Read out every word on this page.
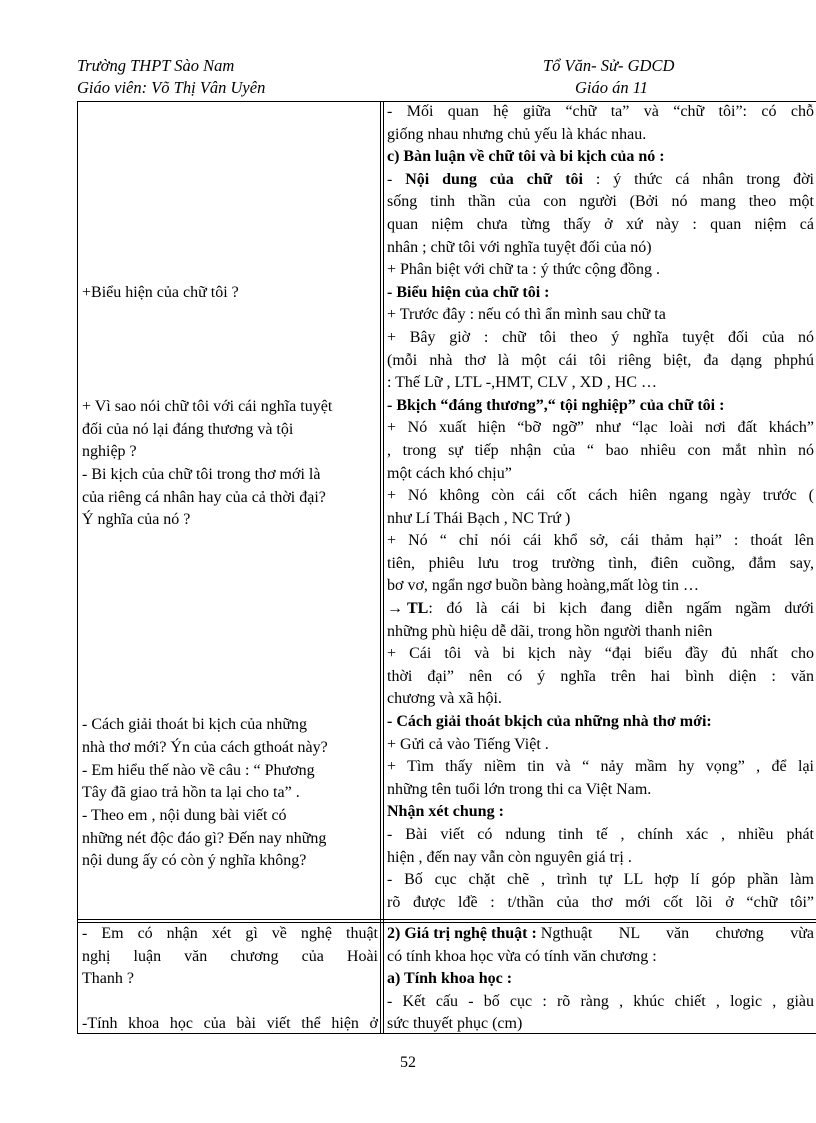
Trường THPT Sào Nam
Giáo viên: Võ Thị Vân Uyên
Tổ Văn- Sử- GDCD
Giáo án 11
+Biểu hiện của chữ tôi ?
+ Vì sao nói chữ tôi với cái nghĩa tuyệt
đối của nó lại đáng thương và tội
nghiệp ?
- Bi kịch của chữ tôi trong thơ mới là
của riêng cá nhân hay của cả thời đại?
Ý nghĩa của nó ?
- Cách giải thoát bi kịch của những
nhà thơ mới? Ýn của cách gthoát này?
- Em hiểu thế nào về câu : “ Phương
Tây đã giao trả hồn ta lại cho ta” .
- Theo em , nội dung bài viết có
những nét độc đáo gì? Đến nay những
nội dung ấy có còn ý nghĩa không?
- Mối quan hệ giữa “chữ ta” và “chữ tôi”: có chỗ
giống nhau nhưng chủ yếu là khác nhau.
c) Bàn luận về chữ tôi và bi kịch của nó :
- Nội dung của chữ tôi : ý thức cá nhân trong đời
sống tinh thần của con người (Bởi nó mang theo một
quan niệm chưa từng thấy ở xứ này : quan niệm cá
nhân ; chữ tôi với nghĩa tuyệt đối của nó)
+ Phân biệt với chữ ta : ý thức cộng đồng .
- Biểu hiện của chữ tôi :
+ Trước đây : nếu có thì ẩn mình sau chữ ta
+ Bây giờ : chữ tôi theo ý nghĩa tuyệt đối của nó
(mỗi nhà thơ là một cái tôi riêng biệt, đa dạng phphú
: Thế Lữ , LTL -,HMT, CLV , XD , HC …
- Bkịch “đáng thương”,“ tội nghiệp” của chữ tôi :
+ Nó xuất hiện “bỡ ngỡ” như “lạc loài nơi đất khách”
, trong sự tiếp nhận của “ bao nhiêu con mắt nhìn nó
một cách khó chịu”
+ Nó không còn cái cốt cách hiên ngang ngày trước (
như Lí Thái Bạch , NC Trứ )
+ Nó “ chỉ nói cái khổ sở, cái thảm hại” : thoát lên
tiên, phiêu lưu trog trường tình, điên cuồng, đắm say,
bơ vơ, ngẩn ngơ buồn bàng hoàng,mất lòg tin …
→ TL: đó là cái bi kịch đang diễn ngấm ngầm dưới
những phù hiệu dễ dãi, trong hồn người thanh niên
+ Cái tôi và bi kịch này “đại biểu đầy đủ nhất cho
thời đại” nên có ý nghĩa trên hai bình diện : văn
chương và xã hội.
- Cách giải thoát bkịch của những nhà thơ mới:
+ Gửi cả vào Tiếng Việt .
+ Tìm thấy niềm tin và “ nảy mầm hy vọng” , để lại
những tên tuổi lớn trong thi ca Việt Nam.
Nhận xét chung :
- Bài viết có ndung tinh tế , chính xác , nhiều phát
hiện , đến nay vẫn còn nguyên giá trị .
- Bố cục chặt chẽ , trình tự LL hợp lí góp phần làm
rõ được lđề : t/thần của thơ mới cốt lõi ở “chữ tôi”
- Em có nhận xét gì về nghệ thuật
nghị luận văn chương của Hoài
Thanh ?
-Tính khoa học của bài viết thể hiện ở
2) Giá trị nghệ thuật : Ngthuật NL văn chương vừa
có tính khoa học vừa có tính văn chương :
a) Tính khoa học :
- Kết cấu - bố cục : rõ ràng , khúc chiết , logic , giàu
sức thuyết phục (cm)
52
